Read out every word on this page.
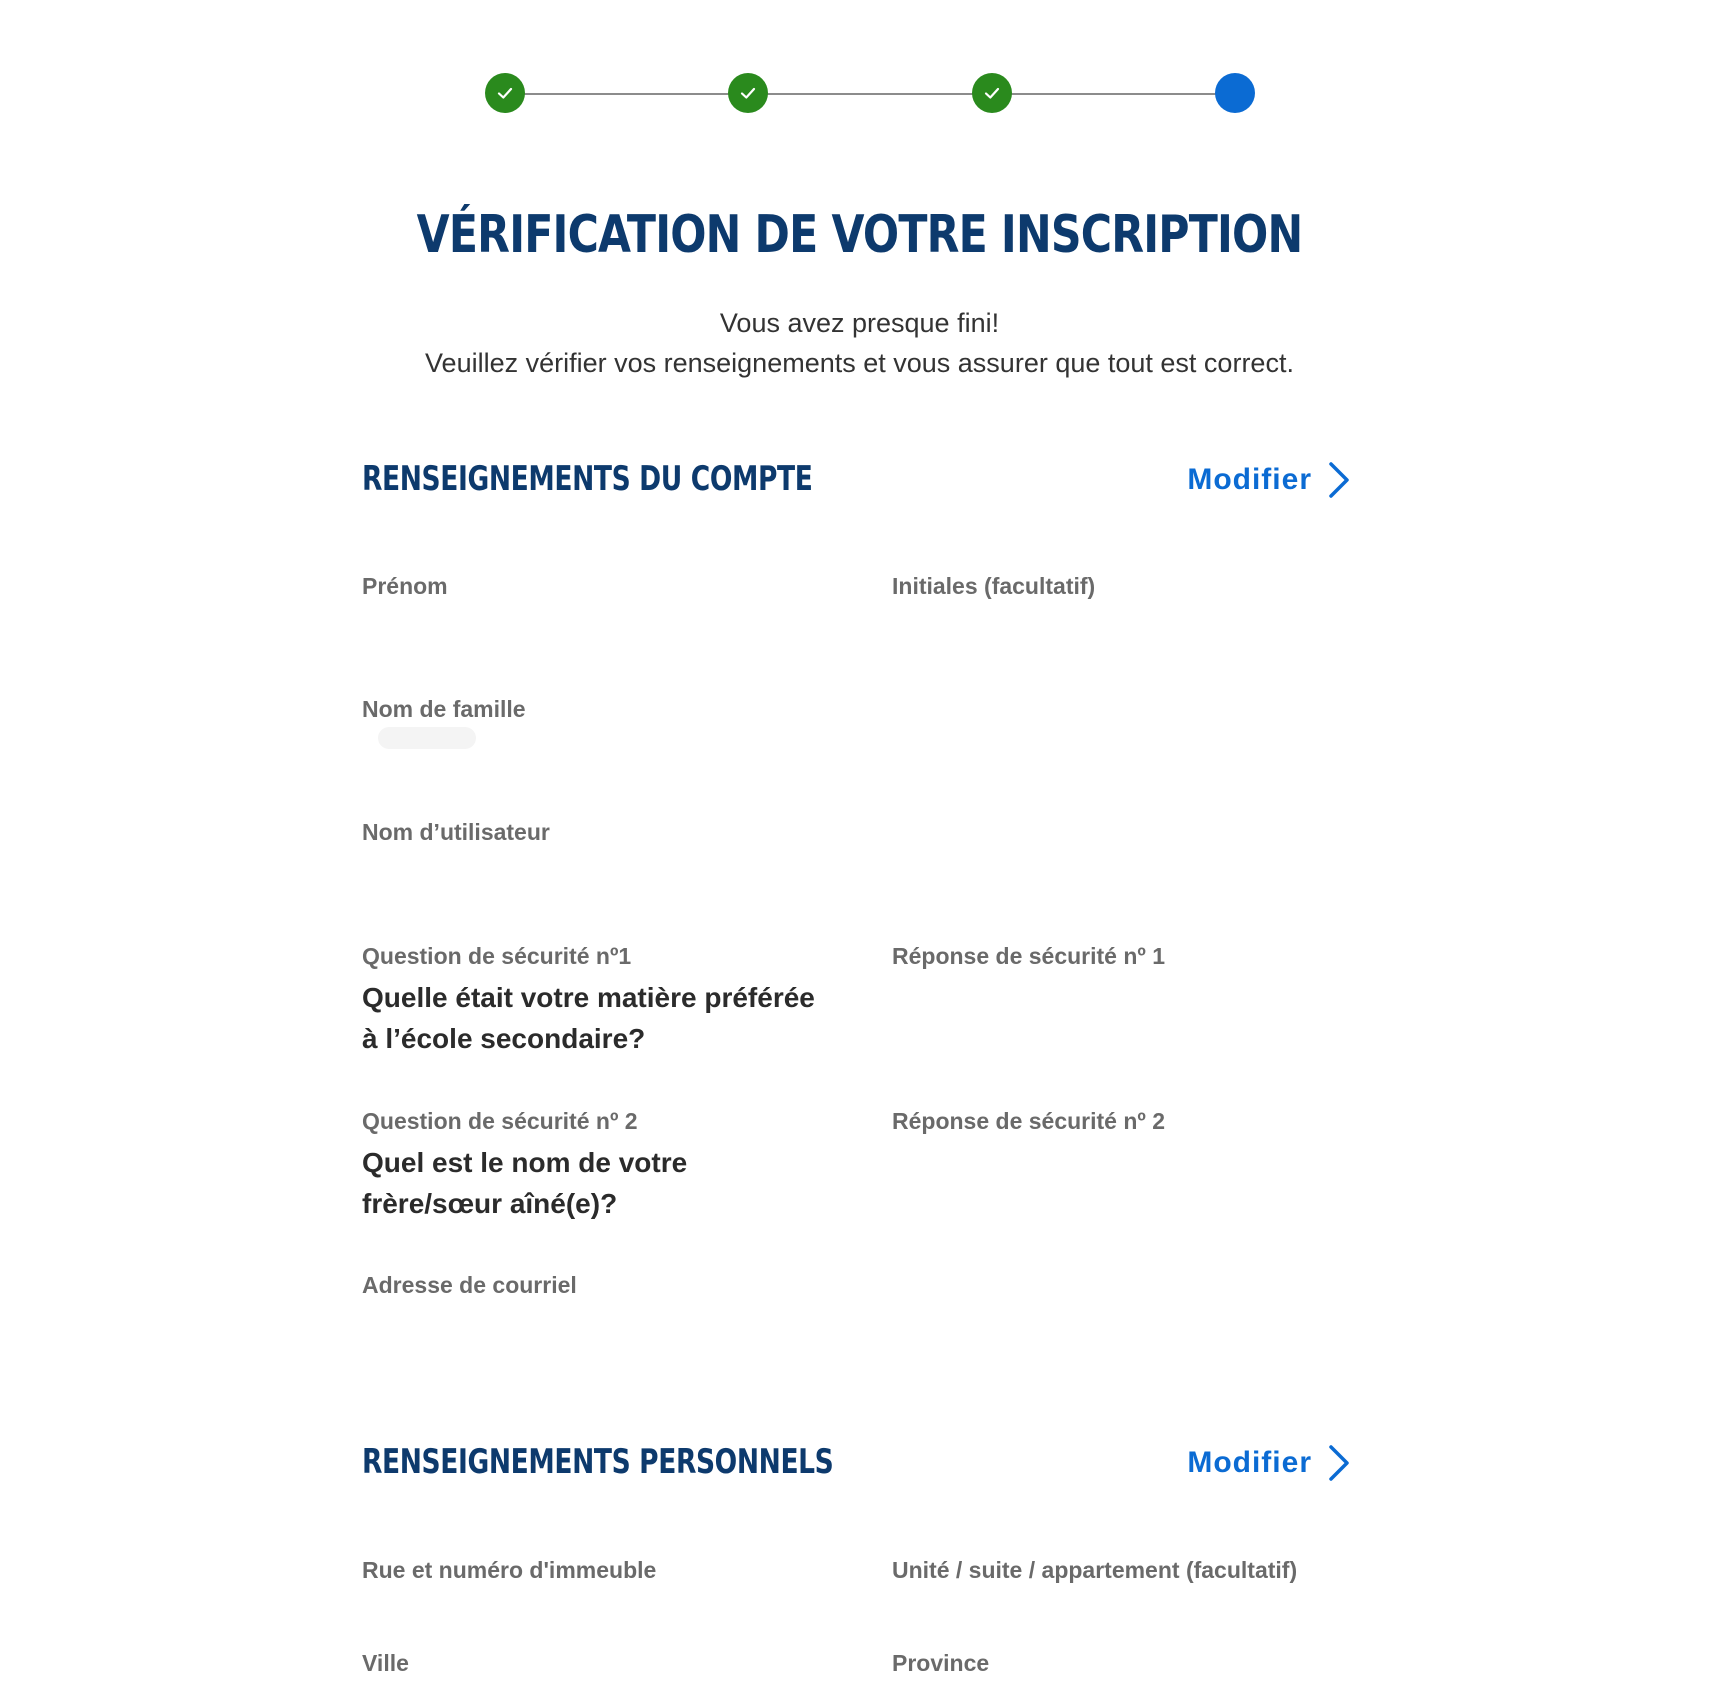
VÉRIFICATION DE VOTRE INSCRIPTION
Vous avez presque fini!
Veuillez vérifier vos renseignements et vous assurer que tout est correct.
RENSEIGNEMENTS DU COMPTE	Modifier
Prénom	Initiales (facultatif)
Nom de famille
Nom d’utilisateur
Question de sécurité nº1
Quelle était votre matière préférée à l’école secondaire?
Réponse de sécurité nº 1
Question de sécurité nº 2
Quel est le nom de votre frère/sœur aîné(e)?
Réponse de sécurité nº 2
Adresse de courriel
RENSEIGNEMENTS PERSONNELS	Modifier
Rue et numéro d'immeuble	Unité / suite / appartement (facultatif)
Ville	Province
